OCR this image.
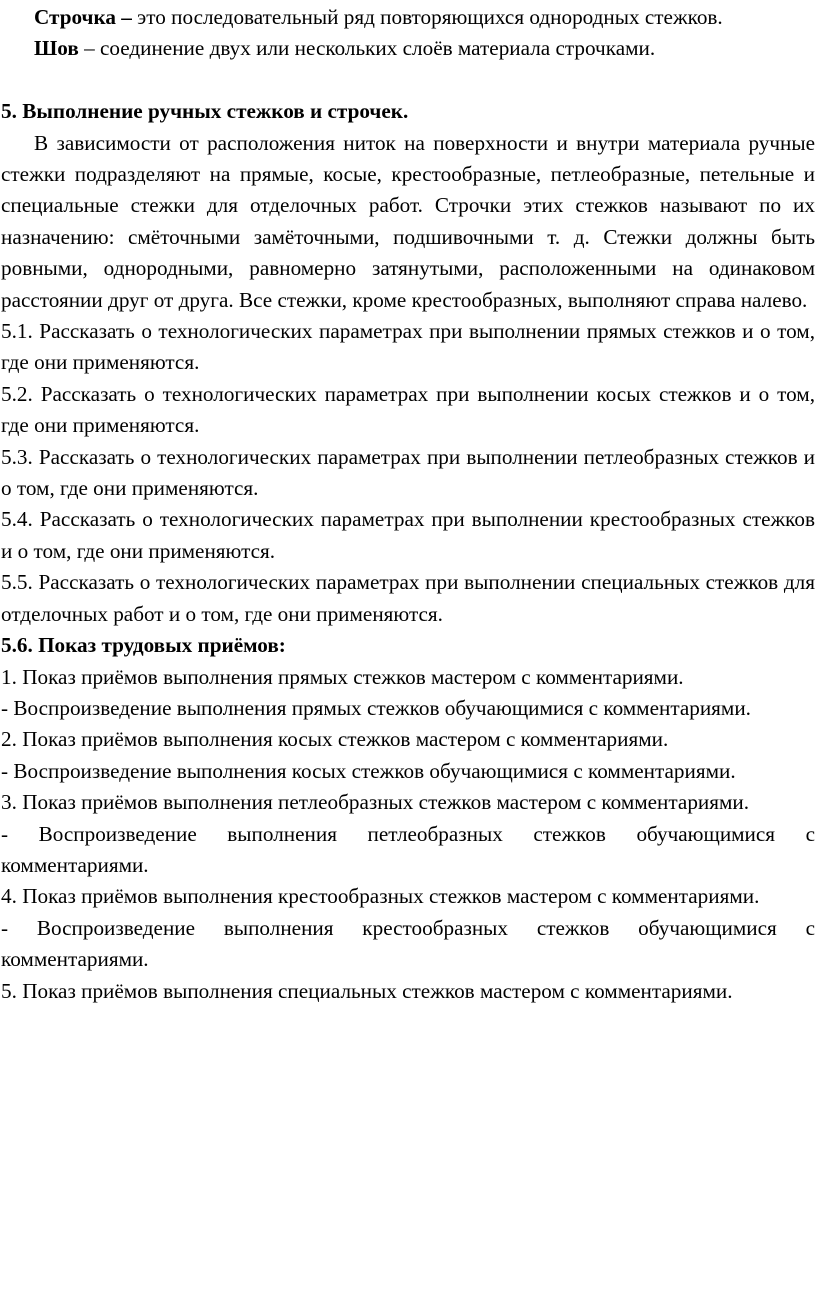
Строчка – это последовательный ряд повторяющихся однородных стежков.

Шов – соединение двух или нескольких слоёв материала строчками.

5. Выполнение ручных стежков и строчек.

В зависимости от расположения ниток на поверхности и внутри материала ручные стежки подразделяют на прямые, косые, крестообразные, петлеобразные, петельные и специальные стежки для отделочных работ. Строчки этих стежков называют по их назначению: смёточными замёточными, подшивочными т. д. Стежки должны быть ровными, однородными, равномерно затянутыми, расположенными на одинаковом расстоянии друг от друга. Все стежки, кроме крестообразных, выполняют справа налево.

5.1. Рассказать о технологических параметрах при выполнении прямых стежков и о том, где они применяются.

5.2. Рассказать о технологических параметрах при выполнении косых стежков и о том, где они применяются.

5.3. Рассказать о технологических параметрах при выполнении петлеобразных стежков и о том, где они применяются.

5.4. Рассказать о технологических параметрах при выполнении крестообразных стежков и о том, где они применяются.

5.5. Рассказать о технологических параметрах при выполнении специальных стежков для отделочных работ и о том, где они применяются.

5.6. Показ трудовых приёмов:

1. Показ приёмов выполнения прямых стежков мастером с комментариями.

- Воспроизведение выполнения прямых стежков обучающимися с комментариями.

2. Показ приёмов выполнения косых стежков мастером с комментариями.

- Воспроизведение выполнения косых стежков обучающимися с комментариями.

3. Показ приёмов выполнения петлеобразных стежков мастером с комментариями.

- Воспроизведение выполнения петлеобразных стежков обучающимися с комментариями.

4. Показ приёмов выполнения крестообразных стежков мастером с комментариями.

- Воспроизведение выполнения крестообразных стежков обучающимися с комментариями.

5. Показ приёмов выполнения специальных стежков мастером с комментариями.
